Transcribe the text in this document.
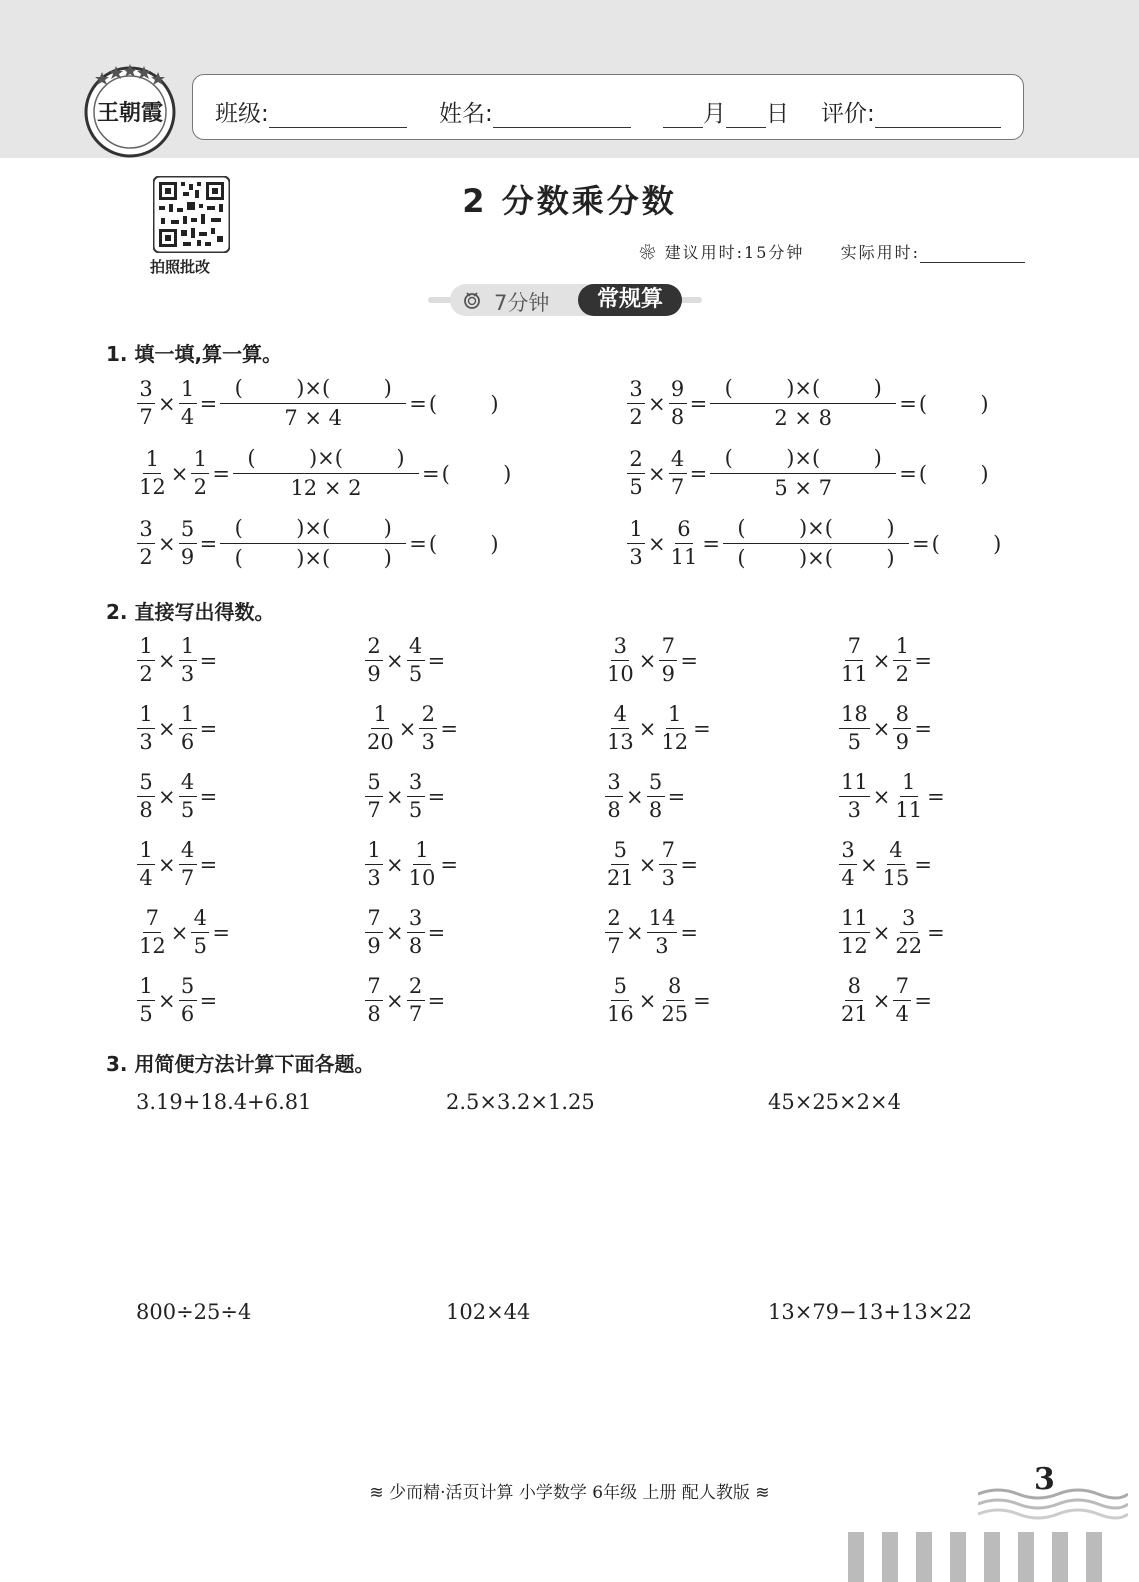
王朝霞 班级:	姓名:	月 日 评价:
拍照批改
2 分数乘分数
❀ 建议用时:15分钟 实际用时:
7分钟	常规算
1. 填一填,算一算。
$\frac{3}{7} \times \frac{1}{4} = \frac{( )\times( )}{7 \times 4}$ = (        )	$\frac{3}{2} \times \frac{9}{8} = \frac{( )\times( )}{2 \times 8}$ = (        )
$\frac{1}{12} \times \frac{1}{2} = \frac{( )\times( )}{12 \times 2}$ = (        )	$\frac{2}{5} \times \frac{4}{7} = \frac{( )\times( )}{5 \times 7}$ = (        )
$\frac{3}{2} \times \frac{5}{9} = \frac{( )\times( )}{( )\times( )}$ = (        )	$\frac{1}{3} \times \frac{6}{11} = \frac{( )\times( )}{( )\times( )}$ = (        )
2. 直接写出得数。
$\frac{1}{2} \times \frac{1}{3}$ =	$\frac{2}{9} \times \frac{4}{5}$ =	$\frac{3}{10} \times \frac{7}{9}$ =	$\frac{7}{11} \times \frac{1}{2}$ =
$\frac{1}{3} \times \frac{1}{6}$ =	$\frac{1}{20} \times \frac{2}{3}$ =	$\frac{4}{13} \times \frac{1}{12}$ =	$\frac{18}{5} \times \frac{8}{9}$ =
$\frac{5}{8} \times \frac{4}{5}$ =	$\frac{5}{7} \times \frac{3}{5}$ =	$\frac{3}{8} \times \frac{5}{8}$ =	$\frac{11}{3} \times \frac{1}{11}$ =
$\frac{1}{4} \times \frac{4}{7}$ =	$\frac{1}{3} \times \frac{1}{10}$ =	$\frac{5}{21} \times \frac{7}{3}$ =	$\frac{3}{4} \times \frac{4}{15}$ =
$\frac{7}{12} \times \frac{4}{5}$ =	$\frac{7}{9} \times \frac{3}{8}$ =	$\frac{2}{7} \times \frac{14}{3}$ =	$\frac{11}{12} \times \frac{3}{22}$ =
$\frac{1}{5} \times \frac{5}{6}$ =	$\frac{7}{8} \times \frac{2}{7}$ =	$\frac{5}{16} \times \frac{8}{25}$ =	$\frac{8}{21} \times \frac{7}{4}$ =
3. 用简便方法计算下面各题。
3.19+18.4+6.81	2.5×3.2×1.25	45×25×2×4
800÷25÷4	102×44	13×79−13+13×22
≋ 少而精·活页计算 小学数学 6年级 上册 配人教版 ≋	3
